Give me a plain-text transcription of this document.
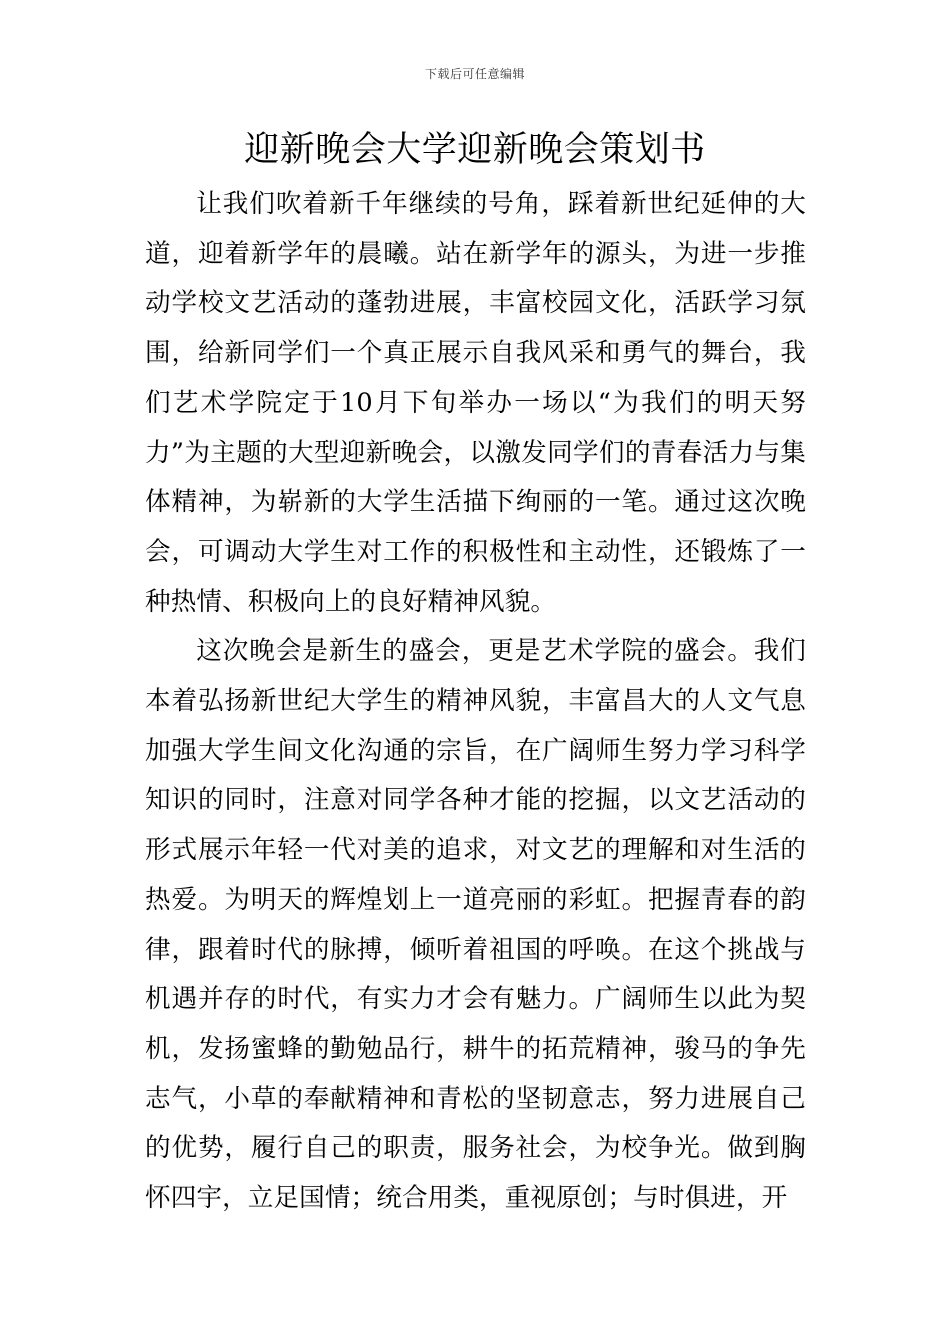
下载后可任意编辑
迎新晚会大学迎新晚会策划书

让我们吹着新千年继续的号角，踩着新世纪延伸的大道，迎着新学年的晨曦。站在新学年的源头，为进一步推动学校文艺活动的蓬勃进展，丰富校园文化，活跃学习氛围，给新同学们一个真正展示自我风采和勇气的舞台，我们艺术学院定于10月下旬举办一场以“为我们的明天努力”为主题的大型迎新晚会，以激发同学们的青春活力与集体精神，为崭新的大学生活描下绚丽的一笔。通过这次晚会，可调动大学生对工作的积极性和主动性，还锻炼了一种热情、积极向上的良好精神风貌。

这次晚会是新生的盛会，更是艺术学院的盛会。我们本着弘扬新世纪大学生的精神风貌，丰富昌大的人文气息加强大学生间文化沟通的宗旨，在广阔师生努力学习科学知识的同时，注意对同学各种才能的挖掘，以文艺活动的形式展示年轻一代对美的追求，对文艺的理解和对生活的热爱。为明天的辉煌划上一道亮丽的彩虹。把握青春的韵律，跟着时代的脉搏，倾听着祖国的呼唤。在这个挑战与机遇并存的时代，有实力才会有魅力。广阔师生以此为契机，发扬蜜蜂的勤勉品行，耕牛的拓荒精神，骏马的争先志气，小草的奉献精神和青松的坚韧意志，努力进展自己的优势，履行自己的职责，服务社会，为校争光。做到胸怀四宇，立足国情；统合用类，重视原创；与时俱进，开
